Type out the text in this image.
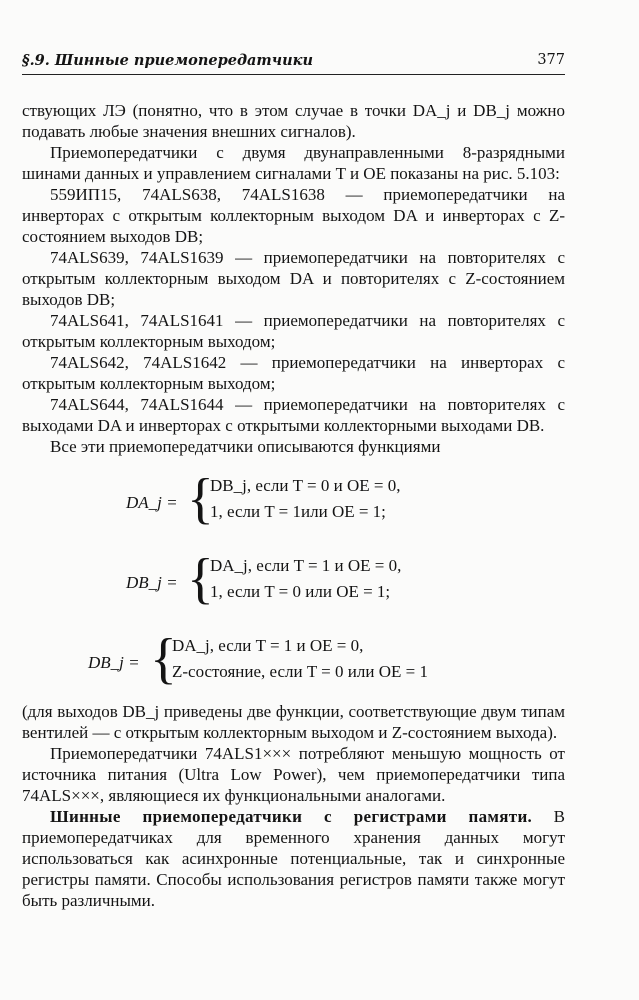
§.9. Шинные приемопередатчики	377

ствующих ЛЭ (понятно, что в этом случае в точки DA_j и DB_j можно подавать любые значения внешних сигналов).

Приемопередатчики с двумя двунаправленными 8-разрядными шинами данных и управлением сигналами T и OE показаны на рис. 5.103:

559ИП15, 74ALS638, 74ALS1638 — приемопередатчики на инверторах с открытым коллекторным выходом DA и инверторах с Z-состоянием выходов DB;

74ALS639, 74ALS1639 — приемопередатчики на повторителях с открытым коллекторным выходом DA и повторителях с Z-состоянием выходов DB;

74ALS641, 74ALS1641 — приемопередатчики на повторителях с открытым коллекторным выходом;

74ALS642, 74ALS1642 — приемопередатчики на инверторах с открытым коллекторным выходом;

74ALS644, 74ALS1644 — приемопередатчики на повторителях с выходами DA и инверторах с открытыми коллекторными выходами DB.

Все эти приемопередатчики описываются функциями

DA_j = {
DB_j, если T = 0 и OE = 0,
1, если T = 1или OE = 1;
DB_j = {
DA_j, если T = 1 и OE = 0,
1, если T = 0 или OE = 1;
DB_j = {
DA_j, если T = 1 и OE = 0,
Z-состояние, если T = 0 или OE = 1

(для выходов DB_j приведены две функции, соответствующие двум типам вентилей — с открытым коллекторным выходом и Z-состоянием выхода).

Приемопередатчики 74ALS1××× потребляют меньшую мощность от источника питания (Ultra Low Power), чем приемопередатчики типа 74ALS×××, являющиеся их функциональными аналогами.

Шинные приемопередатчики с регистрами памяти. В приемопередатчиках для временного хранения данных могут использоваться как асинхронные потенциальные, так и синхронные регистры памяти. Способы использования регистров памяти также могут быть различными.
